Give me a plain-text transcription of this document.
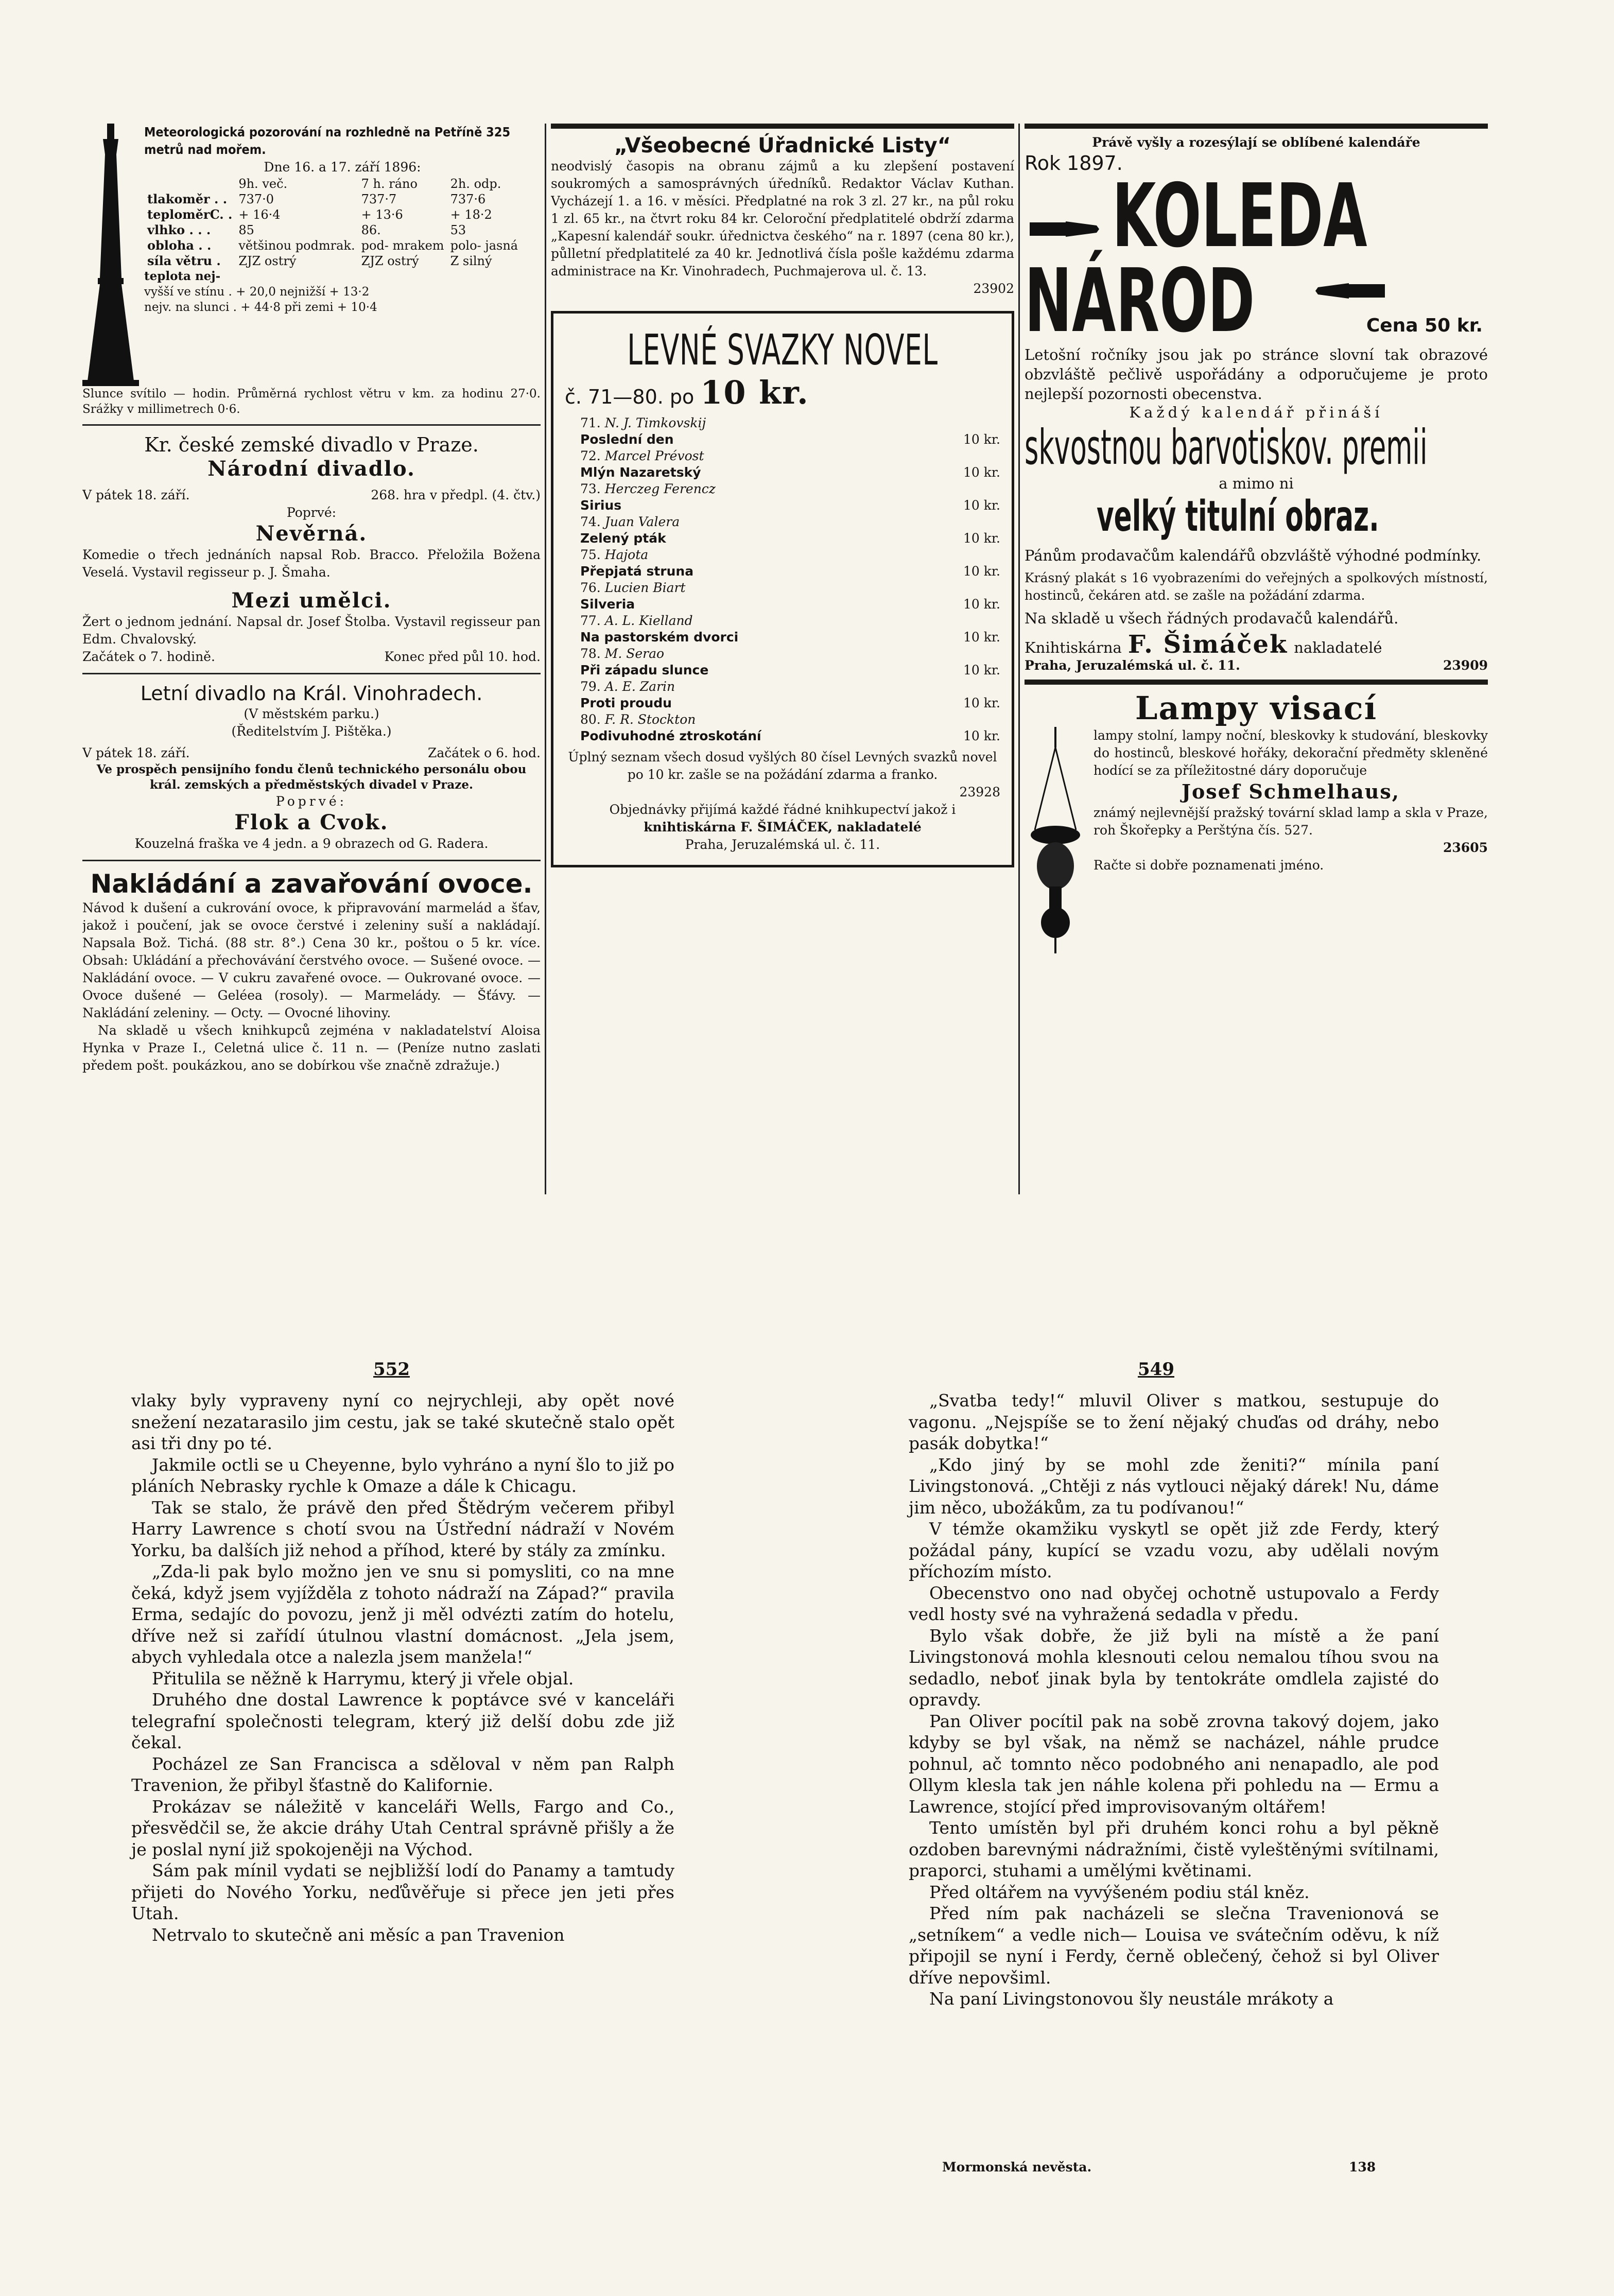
Meteorologická pozorování na rozhledně na Petříně 325 metrů nad mořem.
Dne 16. a 17. září 1896:
	9h. več.	7 h. ráno	2h. odp.
tlakoměr . .	737·0	737·7	737·6
teploměrC. .	+ 16·4	+ 13·6	+ 18·2
vlhko . . .	85	86.	53
obloha . .	většinou podmrak.	pod- mrakem	polo- jasná
síla větru .	ZJZ ostrý	ZJZ ostrý	Z silný
teplota nej-
vyšší ve stínu . + 20,0 nejnižší + 13·2
nejv. na slunci . + 44·8 při zemi + 10·4
Slunce svítilo — hodin. Průměrná rychlost větru v km. za hodinu 27·0. Srážky v millimetrech 0·6.
Kr. české zemské divadlo v Praze.
Národní divadlo.
V pátek 18. září.	268. hra v předpl. (4. čtv.)
Poprvé:
Nevěrná.
Komedie o třech jednáních napsal Rob. Bracco. Přeložila Božena Veselá. Vystavil regisseur p. J. Šmaha.
Mezi umělci.
Žert o jednom jednání. Napsal dr. Josef Štolba. Vystavil regisseur pan Edm. Chvalovský.
Začátek o 7. hodině.	Konec před půl 10. hod.
Letní divadlo na Král. Vinohradech.
(V městském parku.)
(Ředitelstvím J. Pištěka.)
V pátek 18. září.	Začátek o 6. hod.
Ve prospěch pensijního fondu členů technického personálu obou král. zemských a předměstských divadel v Praze.
Poprvé:
Flok a Cvok.
Kouzelná fraška ve 4 jedn. a 9 obrazech od G. Radera.
Nakládání a zavařování ovoce.
Návod k dušení a cukrování ovoce, k připravování marmelád a šťav, jakož i poučení, jak se ovoce čerstvé i zeleniny suší a nakládají. Napsala Bož. Tichá. (88 str. 8°.) Cena 30 kr., poštou o 5 kr. více. Obsah: Ukládání a přechovávání čerstvého ovoce. — Sušené ovoce. — Nakládání ovoce. — V cukru zavařené ovoce. — Oukrované ovoce. — Ovoce dušené — Geléea (rosoly). — Marmelády. — Šťávy. — Nakládání zeleniny. — Octy. — Ovocné lihoviny.
Na skladě u všech knihkupců zejména v nakladatelství Aloisa Hynka v Praze I., Celetná ulice č. 11 n. — (Peníze nutno zaslati předem pošt. poukázkou, ano se dobírkou vše značně zdražuje.)
„Všeobecné Úřadnické Listy“
neodvislý časopis na obranu zájmů a ku zlepšení postavení soukromých a samosprávných úředníků. Redaktor Václav Kuthan. Vycházejí 1. a 16. v měsíci. Předplatné na rok 3 zl. 27 kr., na půl roku 1 zl. 65 kr., na čtvrt roku 84 kr. Celoroční předplatitelé obdrží zdarma „Kapesní kalendář soukr. úřednictva českého“ na r. 1897 (cena 80 kr.), půlletní předplatitelé za 40 kr. Jednotlivá čísla pošle každému zdarma administrace na Kr. Vinohradech, Puchmajerova ul. č. 13.
23902
LEVNÉ SVAZKY NOVEL
č. 71—80. po 10 kr.
71. N. J. Timkovskij
Poslední den	10 kr.
72. Marcel Prévost
Mlýn Nazaretský	10 kr.
73. Herczeg Ferencz
Sirius	10 kr.
74. Juan Valera
Zelený pták	10 kr.
75. Hajota
Přepjatá struna	10 kr.
76. Lucien Biart
Silveria	10 kr.
77. A. L. Kielland
Na pastorském dvorci	10 kr.
78. M. Serao
Při západu slunce	10 kr.
79. A. E. Zarin
Proti proudu	10 kr.
80. F. R. Stockton
Podivuhodné ztroskotání	10 kr.
Úplný seznam všech dosud vyšlých 80 čísel Levných svazků novel po 10 kr. zašle se na požádání zdarma a franko.
23928
Objednávky přijímá každé řádné knihkupectví jakož i
knihtiskárna F. ŠIMÁČEK, nakladatelé
Praha, Jeruzalémská ul. č. 11.
Právě vyšly a rozesýlají se oblíbené kalendáře
Rok 1897.
KOLEDA
NÁROD	Cena 50 kr.
Letošní ročníky jsou jak po stránce slovní tak obrazové obzvláště pečlivě uspořádány a odporučujeme je proto nejlepší pozornosti obecenstva.
Každý kalendář přináší
skvostnou barvotiskov. premii
a mimo ni
velký titulní obraz.
Pánům prodavačům kalendářů obzvláště výhodné podmínky.
Krásný plakát s 16 vyobrazeními do veřejných a spolkových místností, hostinců, čekáren atd. se zašle na požádání zdarma.
Na skladě u všech řádných prodavačů kalendářů.
Knihtiskárna F. Šimáček nakladatelé
Praha, Jeruzalémská ul. č. 11.	23909
Lampy visací
lampy stolní, lampy noční, bleskovky k studování, bleskovky do hostinců, bleskové hořáky, dekorační předměty skleněné hodící se za příležitostné dáry doporučuje
Josef Schmelhaus,
známý nejlevnější pražský tovární sklad lamp a skla v Praze, roh Škořepky a Perštýna čís. 527.
23605
Račte si dobře poznamenati jméno.
552	549

vlaky byly vypraveny nyní co nejrychleji, aby opět nové snežení nezatarasilo jim cestu, jak se také skutečně stalo opět asi tři dny po té.

Jakmile octli se u Cheyenne, bylo vyhráno a nyní šlo to již po pláních Nebrasky rychle k Omaze a dále k Chicagu.

Tak se stalo, že právě den před Štědrým večerem přibyl Harry Lawrence s chotí svou na Ústřední nádraží v Novém Yorku, ba dalších již nehod a příhod, které by stály za zmínku.

„Zda-li pak bylo možno jen ve snu si pomysliti, co na mne čeká, když jsem vyjížděla z tohoto nádraží na Západ?“ pravila Erma, sedajíc do povozu, jenž ji měl odvézti zatím do hotelu, dříve než si zařídí útulnou vlastní domácnost. „Jela jsem, abych vyhledala otce a nalezla jsem manžela!“

Přitulila se něžně k Harrymu, který ji vřele objal.

Druhého dne dostal Lawrence k poptávce své v kanceláři telegrafní společnosti telegram, který již delší dobu zde již čekal.

Pocházel ze San Francisca a sděloval v něm pan Ralph Travenion, že přibyl šťastně do Kalifornie.

Prokázav se náležitě v kanceláři Wells, Fargo and Co., přesvědčil se, že akcie dráhy Utah Central správně přišly a že je poslal nyní již spokojeněji na Východ.

Sám pak mínil vydati se nejbližší lodí do Panamy a tamtudy přijeti do Nového Yorku, neďůvěřuje si přece jen jeti přes Utah.

Netrvalo to skutečně ani měsíc a pan Travenion

„Svatba tedy!“ mluvil Oliver s matkou, sestupuje do vagonu. „Nejspíše se to žení nějaký chuďas od dráhy, nebo pasák dobytka!“

„Kdo jiný by se mohl zde ženiti?“ mínila paní Livingstonová. „Chtěji z nás vytlouci nějaký dárek! Nu, dáme jim něco, ubožákům, za tu podívanou!“

V témže okamžiku vyskytl se opět již zde Ferdy, který požádal pány, kupící se vzadu vozu, aby udělali novým příchozím místo.

Obecenstvo ono nad obyčej ochotně ustupovalo a Ferdy vedl hosty své na vyhražená sedadla v předu.

Bylo však dobře, že již byli na místě a že paní Livingstonová mohla klesnouti celou nemalou tíhou svou na sedadlo, neboť jinak byla by tentokráte omdlela zajisté do opravdy.

Pan Oliver pocítil pak na sobě zrovna takový dojem, jako kdyby se byl však, na němž se nacházel, náhle prudce pohnul, ač tomnto něco podobného ani nenapadlo, ale pod Ollym klesla tak jen náhle kolena při pohledu na — Ermu a Lawrence, stojící před improvisovaným oltářem!

Tento umístěn byl při druhém konci rohu a byl pěkně ozdoben barevnými nádražními, čistě vyleštěnými svítilnami, praporci, stuhami a umělými květinami.

Před oltářem na vyvýšeném podiu stál kněz.

Před ním pak nacházeli se slečna Travenionová se „setníkem“ a vedle nich— Louisa ve svátečním oděvu, k níž připojil se nyní i Ferdy, černě oblečený, čehož si byl Oliver dříve nepovšiml.

Na paní Livingstonovou šly neustále mrákoty a

Mormonská nevěsta.	138
